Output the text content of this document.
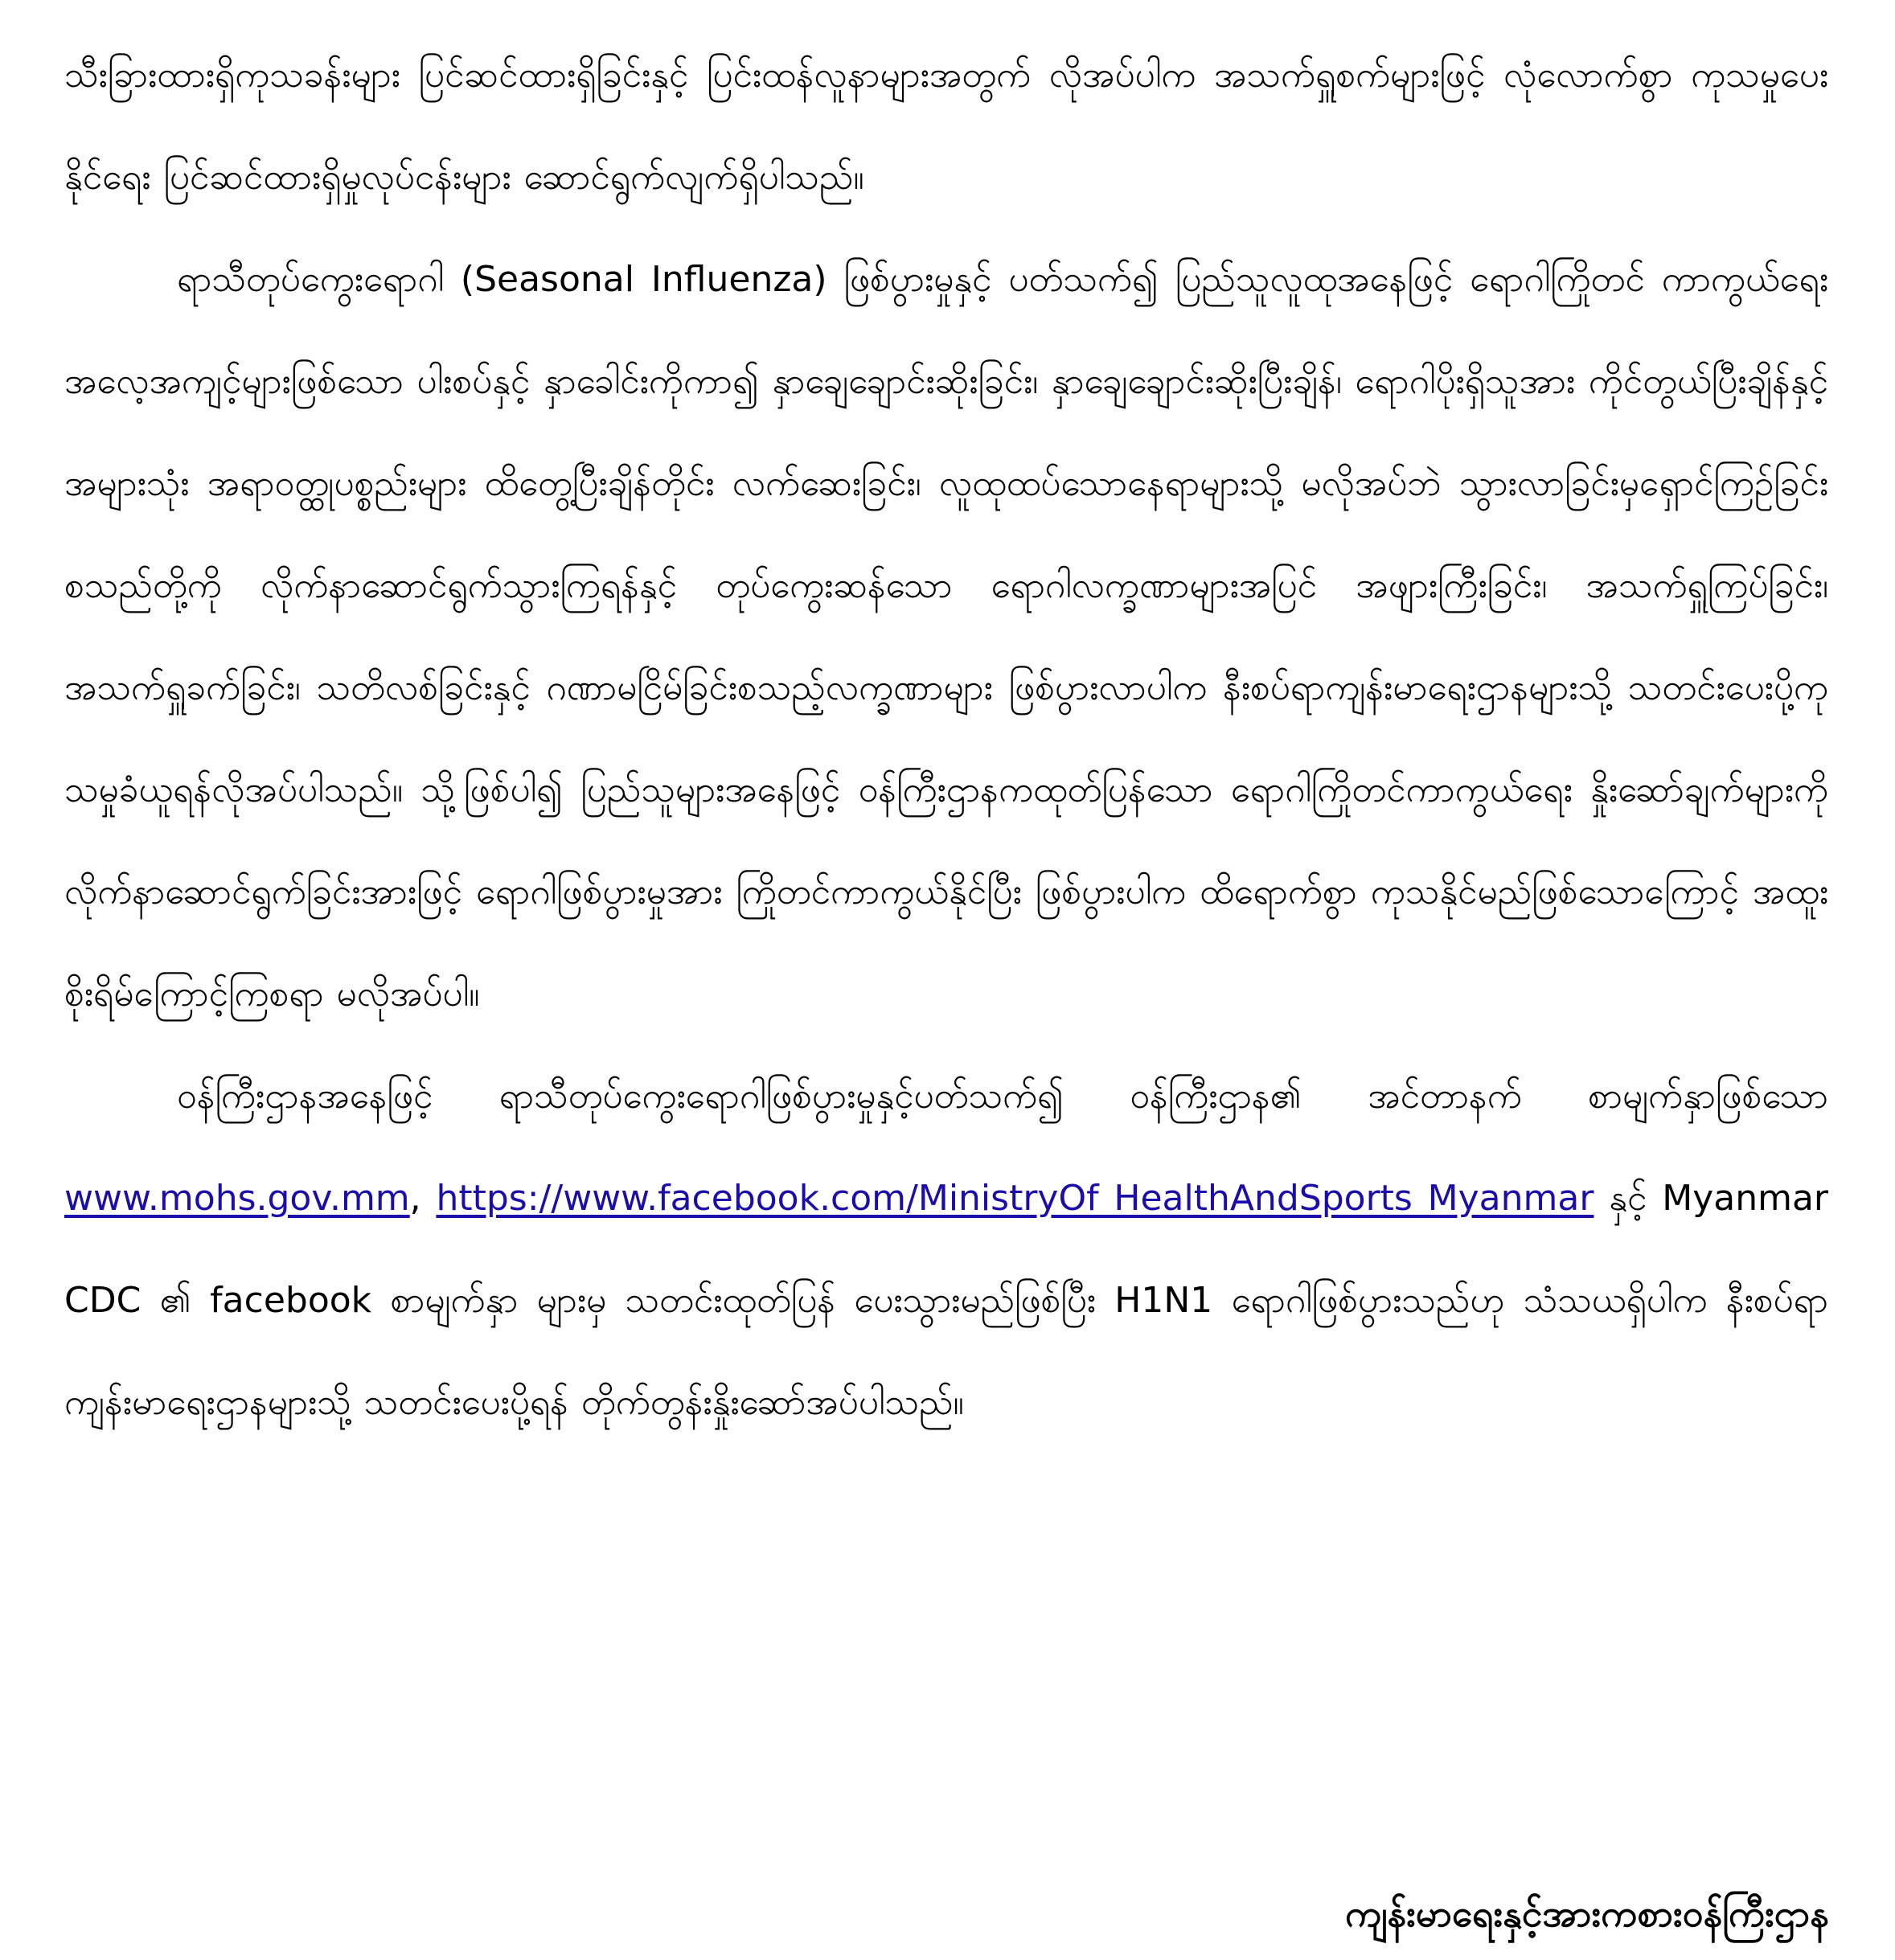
သီးခြားထားရှိကုသခန်းများ ပြင်ဆင်ထားရှိခြင်းနှင့် ပြင်းထန်လူနာများအတွက် လိုအပ်ပါက အသက်ရှူစက်များဖြင့် လုံလောက်စွာ ကုသမှုပေးနိုင်ရေး ပြင်ဆင်ထားရှိမှုလုပ်ငန်းများ ဆောင်ရွက်လျက်ရှိပါသည်။

ရာသီတုပ်ကွေးရောဂါ (Seasonal Influenza) ဖြစ်ပွားမှုနှင့် ပတ်သက်၍ ပြည်သူလူထုအနေဖြင့် ရောဂါကြိုတင် ကာကွယ်ရေးအလေ့အကျင့်များဖြစ်သော ပါးစပ်နှင့် နှာခေါင်းကိုကာ၍ နှာချေချောင်းဆိုးခြင်း၊ နှာချေချောင်းဆိုးပြီးချိန်၊ ရောဂါပိုးရှိသူအား ကိုင်တွယ်ပြီးချိန်နှင့် အများသုံး အရာဝတ္ထုပစ္စည်းများ ထိတွေ့ပြီးချိန်တိုင်း လက်ဆေးခြင်း၊ လူထုထပ်သောနေရာများသို့ မလိုအပ်ဘဲ သွားလာခြင်းမှရှောင်ကြဉ်ခြင်း စသည်တို့ကို လိုက်နာဆောင်ရွက်သွားကြရန်နှင့် တုပ်ကွေးဆန်သော ရောဂါလက္ခဏာများအပြင် အဖျားကြီးခြင်း၊ အသက်ရှူကြပ်ခြင်း၊ အသက်ရှူခက်ခြင်း၊ သတိလစ်ခြင်းနှင့် ဂဏာမငြိမ်ခြင်းစသည့်လက္ခဏာများ ဖြစ်ပွားလာပါက နီးစပ်ရာကျန်းမာရေးဌာနများသို့ သတင်းပေးပို့ကုသမှုခံယူရန်လိုအပ်ပါသည်။ သို့ဖြစ်ပါ၍ ပြည်သူများအနေဖြင့် ဝန်ကြီးဌာနကထုတ်ပြန်သော ရောဂါကြိုတင်ကာကွယ်ရေး နှိုးဆော်ချက်များကို လိုက်နာဆောင်ရွက်ခြင်းအားဖြင့် ရောဂါဖြစ်ပွားမှုအား ကြိုတင်ကာကွယ်နိုင်ပြီး ဖြစ်ပွားပါက ထိရောက်စွာ ကုသနိုင်မည်ဖြစ်သောကြောင့် အထူးစိုးရိမ်ကြောင့်ကြစရာ မလိုအပ်ပါ။

ဝန်ကြီးဌာနအနေဖြင့် ရာသီတုပ်ကွေးရောဂါဖြစ်ပွားမှုနှင့်ပတ်သက်၍ ဝန်ကြီးဌာန၏ အင်တာနက် စာမျက်နှာဖြစ်သော www.mohs.gov.mm, https://www.facebook.com/MinistryOf HealthAndSports Myanmar နှင့် Myanmar CDC ၏ facebook စာမျက်နှာ များမှ သတင်းထုတ်ပြန် ပေးသွားမည်ဖြစ်ပြီး H1N1 ရောဂါဖြစ်ပွားသည်ဟု သံသယရှိပါက နီးစပ်ရာ ကျန်းမာရေးဌာနများသို့ သတင်းပေးပို့ရန် တိုက်တွန်းနှိုးဆော်အပ်ပါသည်။

ကျန်းမာရေးနှင့်အားကစားဝန်ကြီးဌာန
